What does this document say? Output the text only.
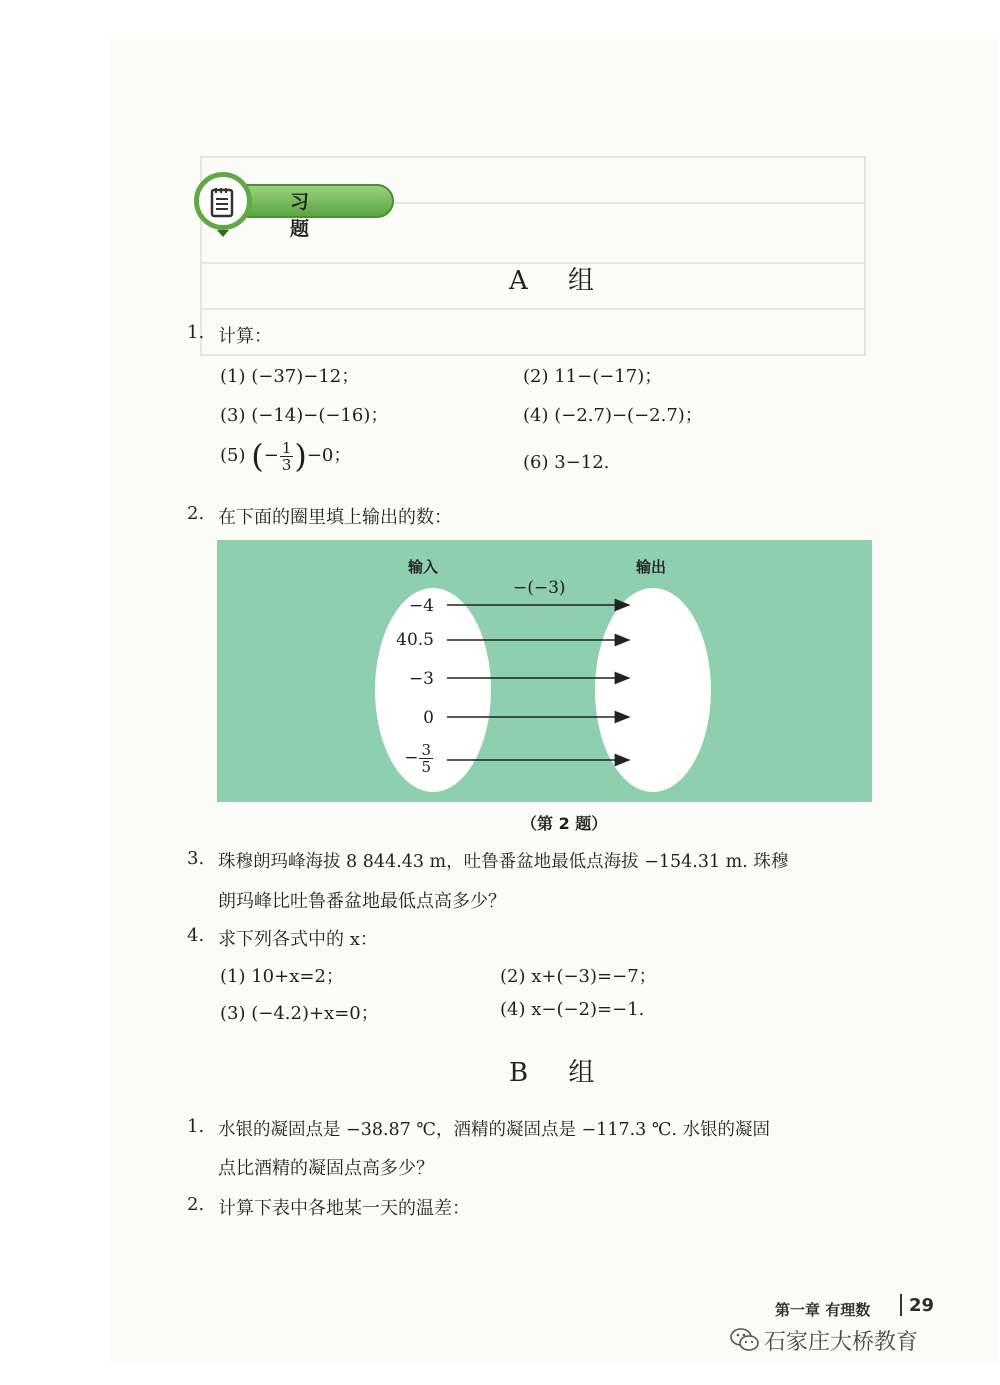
习 题
A 组
1. 计算：
(1) (−37)−12；	(2) 11−(−17)；
(3) (−14)−(−16)；	(4) (−2.7)−(−2.7)；
(5) (− $\frac{1}{3} )-0$；	(6) 3−12.
2. 在下面的圈里填上输出的数：
输入	输出
−(−3)
−4
40.5
−3
0
− $\frac{3}{5}$
（第 2 题）
3. 珠穆朗玛峰海拔 8 844.43 m，吐鲁番盆地最低点海拔 −154.31 m. 珠穆
朗玛峰比吐鲁番盆地最低点高多少？
4. 求下列各式中的 x：
(1) 10+x=2；	(2) x+(−3)=−7；
(3) (−4.2)+x=0；	(4) x−(−2)=−1.
B 组
1. 水银的凝固点是 −38.87 ℃，酒精的凝固点是 −117.3 ℃. 水银的凝固
点比酒精的凝固点高多少？
2. 计算下表中各地某一天的温差：
第一章 有理数 29
石家庄大桥教育
